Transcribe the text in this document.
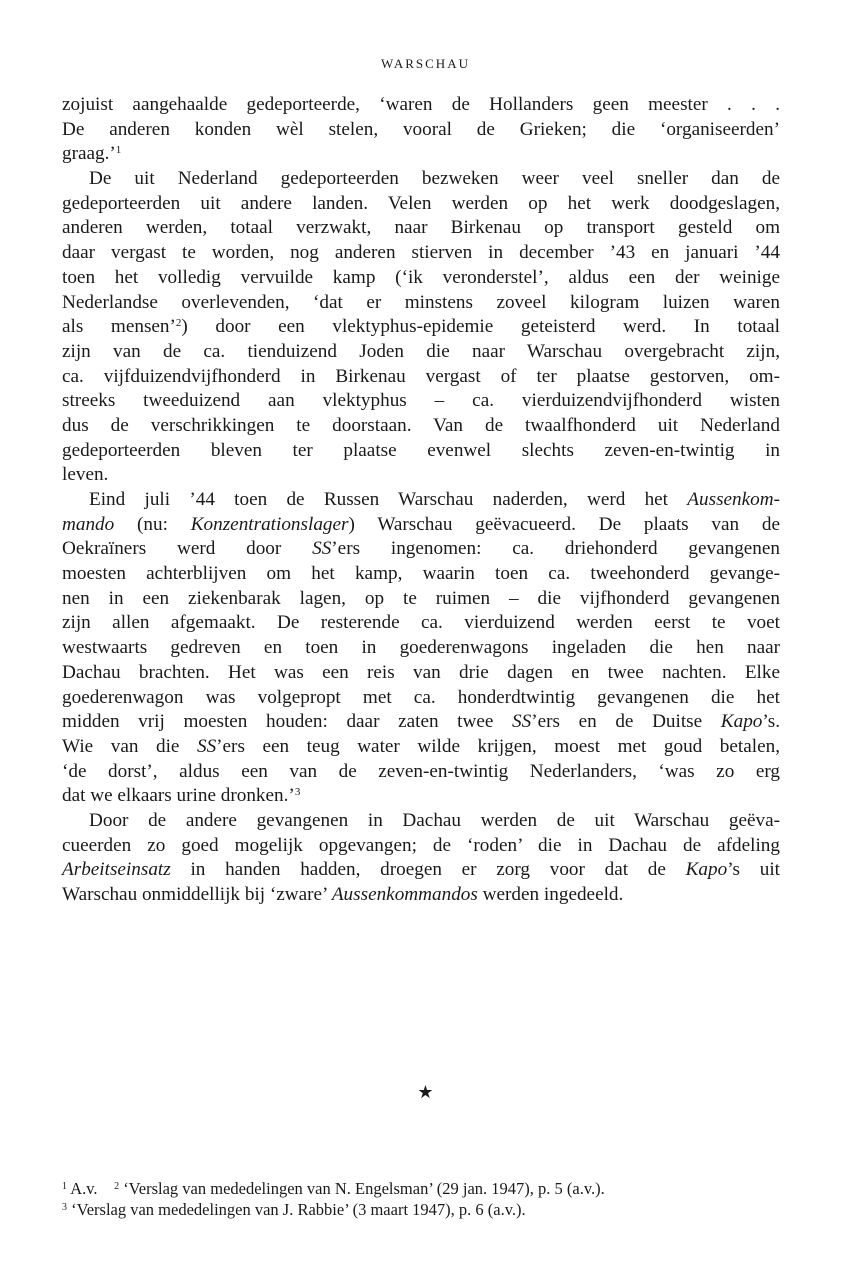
WARSCHAU
zojuist aangehaalde gedeporteerde, ‘waren de Hollanders geen meester . . .
De anderen konden wèl stelen, vooral de Grieken; die ‘organiseerden’
graag.’$^1$
De uit Nederland gedeporteerden bezweken weer veel sneller dan de
gedeporteerden uit andere landen. Velen werden op het werk doodgeslagen,
anderen werden, totaal verzwakt, naar Birkenau op transport gesteld om
daar vergast te worden, nog anderen stierven in december ’43 en januari ’44
toen het volledig vervuilde kamp (‘ik veronderstel’, aldus een der weinige
Nederlandse overlevenden, ‘dat er minstens zoveel kilogram luizen waren
als mensen’$^2$) door een vlektyphus-epidemie geteisterd werd. In totaal
zijn van de ca. tienduizend Joden die naar Warschau overgebracht zijn,
ca. vijfduizendvijfhonderd in Birkenau vergast of ter plaatse gestorven, om-
streeks tweeduizend aan vlektyphus – ca. vierduizendvijfhonderd wisten
dus de verschrikkingen te doorstaan. Van de twaalfhonderd uit Nederland
gedeporteerden bleven ter plaatse evenwel slechts zeven-en-twintig in
leven.
Eind juli ’44 toen de Russen Warschau naderden, werd het Aussenkom-
mando (nu: Konzentrationslager) Warschau geëvacueerd. De plaats van de
Oekraïners werd door SS’ers ingenomen: ca. driehonderd gevangenen
moesten achterblijven om het kamp, waarin toen ca. tweehonderd gevange-
nen in een ziekenbarak lagen, op te ruimen – die vijfhonderd gevangenen
zijn allen afgemaakt. De resterende ca. vierduizend werden eerst te voet
westwaarts gedreven en toen in goederenwagons ingeladen die hen naar
Dachau brachten. Het was een reis van drie dagen en twee nachten. Elke
goederenwagon was volgepropt met ca. honderdtwintig gevangenen die het
midden vrij moesten houden: daar zaten twee SS’ers en de Duitse Kapo’s.
Wie van die SS’ers een teug water wilde krijgen, moest met goud betalen,
‘de dorst’, aldus een van de zeven-en-twintig Nederlanders, ‘was zo erg
dat we elkaars urine dronken.’$^3$
Door de andere gevangenen in Dachau werden de uit Warschau geëva-
cueerden zo goed mogelijk opgevangen; de ‘roden’ die in Dachau de afdeling
Arbeitseinsatz in handen hadden, droegen er zorg voor dat de Kapo’s uit
Warschau onmiddellijk bij ‘zware’ Aussenkommandos werden ingedeeld.
★
$^1$ A.v.    $^2$ ‘Verslag van mededelingen van N. Engelsman’ (29 jan. 1947), p. 5 (a.v.).
$^3$ ‘Verslag van mededelingen van J. Rabbie’ (3 maart 1947), p. 6 (a.v.).
